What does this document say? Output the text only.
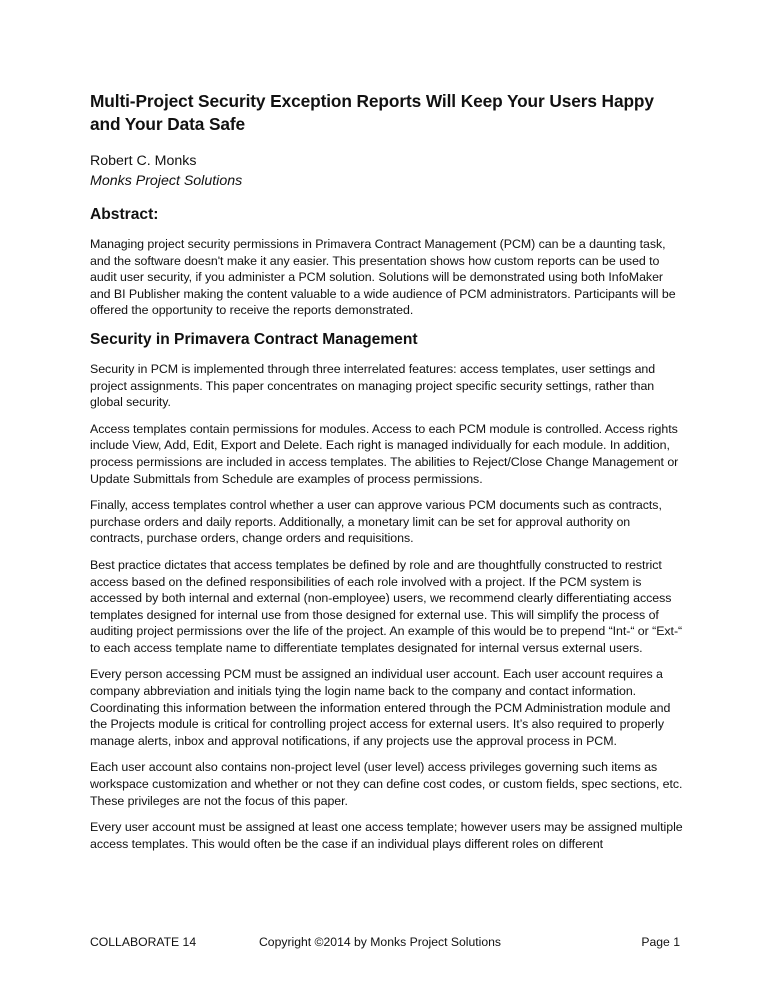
Multi-Project Security Exception Reports Will Keep Your Users Happy
and Your Data Safe

Robert C. Monks

Monks Project Solutions

Abstract:

Managing project security permissions in Primavera Contract Management (PCM) can be a daunting task, and the software doesn't make it any easier. This presentation shows how custom reports can be used to audit user security, if you administer a PCM solution. Solutions will be demonstrated using both InfoMaker and BI Publisher making the content valuable to a wide audience of PCM administrators. Participants will be offered the opportunity to receive the reports demonstrated.

Security in Primavera Contract Management

Security in PCM is implemented through three interrelated features: access templates, user settings and project assignments. This paper concentrates on managing project specific security settings, rather than global security.

Access templates contain permissions for modules. Access to each PCM module is controlled. Access rights include View, Add, Edit, Export and Delete. Each right is managed individually for each module. In addition, process permissions are included in access templates. The abilities to Reject/Close Change Management or Update Submittals from Schedule are examples of process permissions.

Finally, access templates control whether a user can approve various PCM documents such as contracts, purchase orders and daily reports. Additionally, a monetary limit can be set for approval authority on contracts, purchase orders, change orders and requisitions.

Best practice dictates that access templates be defined by role and are thoughtfully constructed to restrict access based on the defined responsibilities of each role involved with a project. If the PCM system is accessed by both internal and external (non-employee) users, we recommend clearly differentiating access templates designed for internal use from those designed for external use. This will simplify the process of auditing project permissions over the life of the project. An example of this would be to prepend “Int-“ or “Ext-“ to each access template name to differentiate templates designated for internal versus external users.

Every person accessing PCM must be assigned an individual user account. Each user account requires a company abbreviation and initials tying the login name back to the company and contact information. Coordinating this information between the information entered through the PCM Administration module and the Projects module is critical for controlling project access for external users. It’s also required to properly manage alerts, inbox and approval notifications, if any projects use the approval process in PCM.

Each user account also contains non-project level (user level) access privileges governing such items as workspace customization and whether or not they can define cost codes, or custom fields, spec sections, etc. These privileges are not the focus of this paper.

Every user account must be assigned at least one access template; however users may be assigned multiple access templates. This would often be the case if an individual plays different roles on different

COLLABORATE 14	Copyright ©2014 by Monks Project Solutions	Page 1
